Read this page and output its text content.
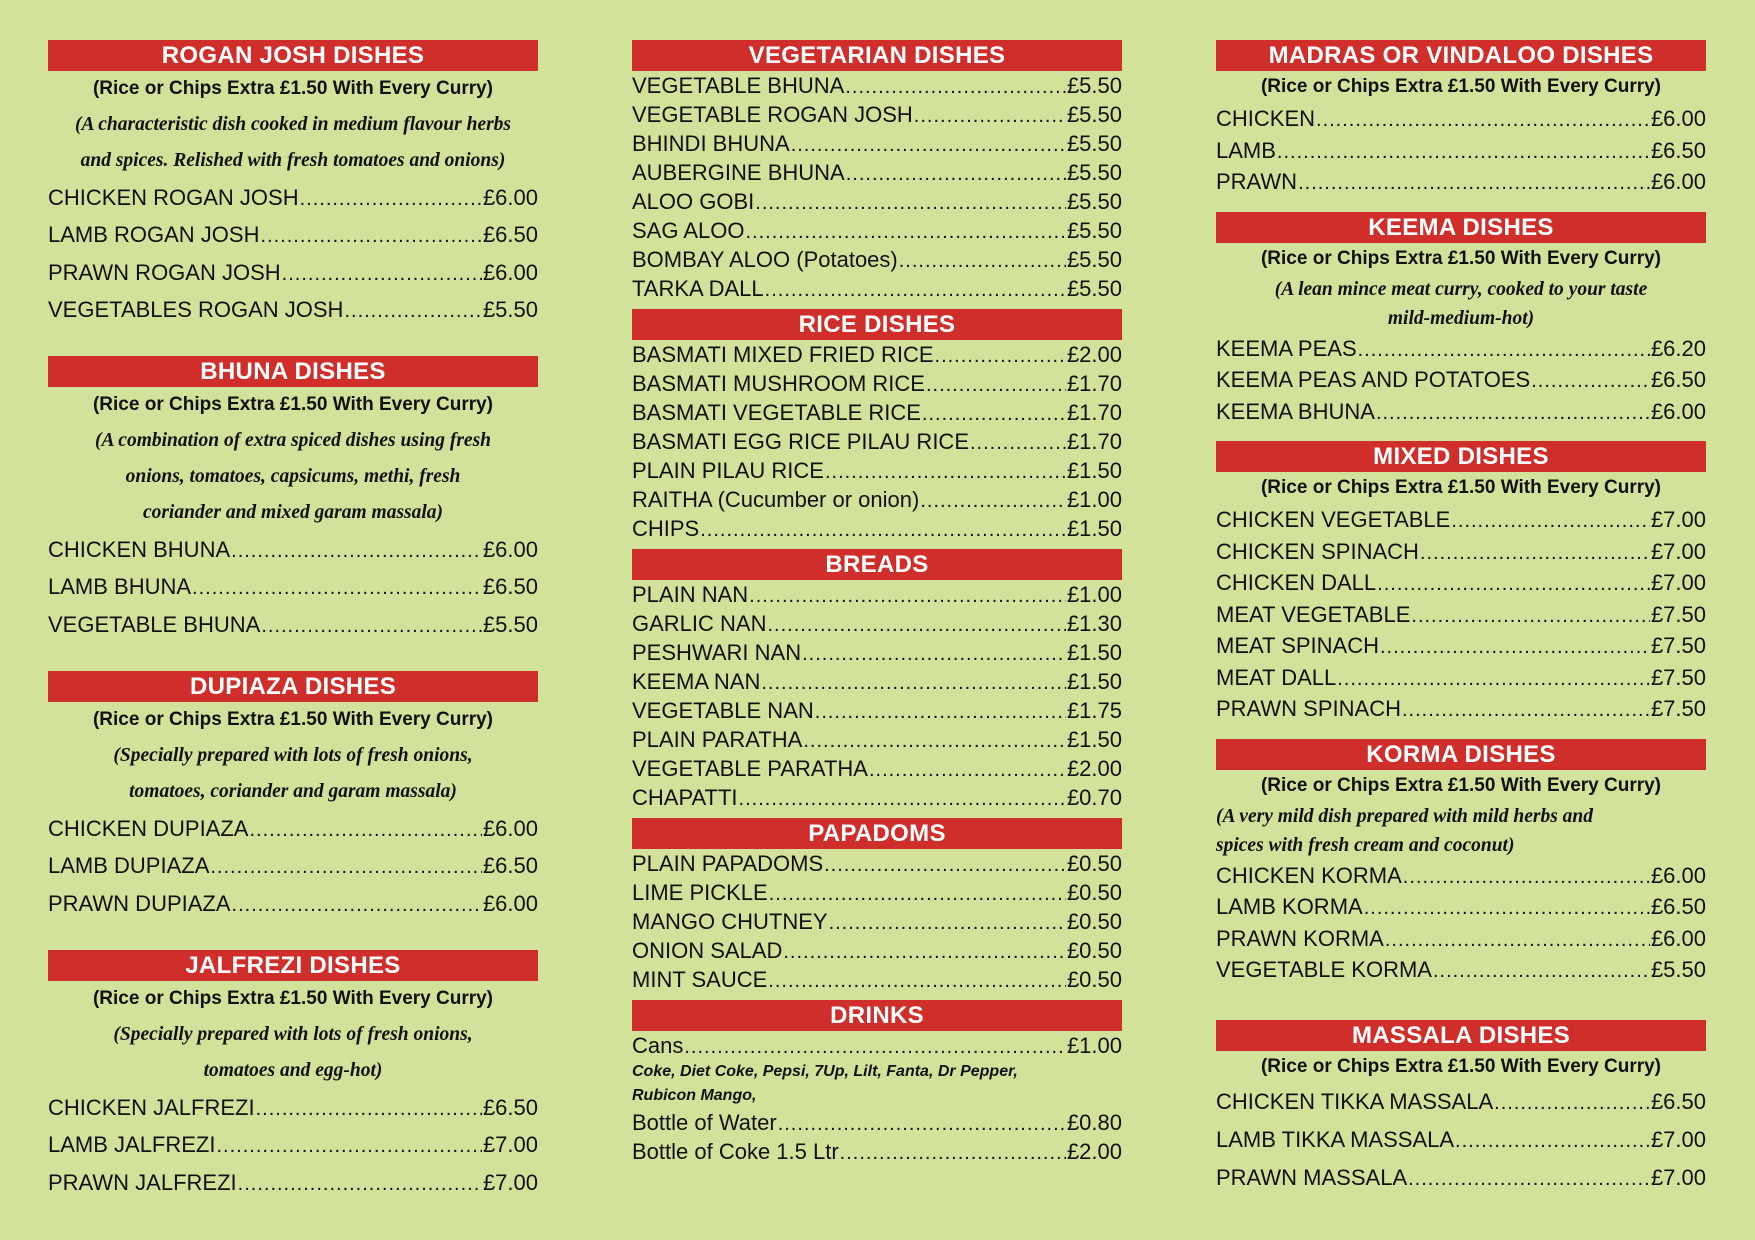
ROGAN JOSH DISHES
(Rice or Chips Extra £1.50 With Every Curry)
(A characteristic dish cooked in medium flavour herbs
and spices. Relished with fresh tomatoes and onions)
CHICKEN ROGAN JOSH .....	£6.00
LAMB ROGAN JOSH .....	£6.50
PRAWN ROGAN JOSH .....	£6.00
VEGETABLES ROGAN JOSH .....	£5.50
BHUNA DISHES
(Rice or Chips Extra £1.50 With Every Curry)
(A combination of extra spiced dishes using fresh
onions, tomatoes, capsicums, methi, fresh
coriander and mixed garam massala)
CHICKEN BHUNA .....	£6.00
LAMB BHUNA .....	£6.50
VEGETABLE BHUNA .....	£5.50
DUPIAZA DISHES
(Rice or Chips Extra £1.50 With Every Curry)
(Specially prepared with lots of fresh onions,
tomatoes, coriander and garam massala)
CHICKEN DUPIAZA .....	£6.00
LAMB DUPIAZA .....	£6.50
PRAWN DUPIAZA .....	£6.00
JALFREZI DISHES
(Rice or Chips Extra £1.50 With Every Curry)
(Specially prepared with lots of fresh onions,
tomatoes and egg-hot)
CHICKEN JALFREZI .....	£6.50
LAMB JALFREZI .....	£7.00
PRAWN JALFREZI .....	£7.00
VEGETARIAN DISHES
VEGETABLE BHUNA .....	£5.50
VEGETABLE ROGAN JOSH .....	£5.50
BHINDI BHUNA .....	£5.50
AUBERGINE BHUNA .....	£5.50
ALOO GOBI .....	£5.50
SAG ALOO .....	£5.50
BOMBAY ALOO (Potatoes) .....	£5.50
TARKA DALL .....	£5.50
RICE DISHES
BASMATI MIXED FRIED RICE .....	£2.00
BASMATI MUSHROOM RICE .....	£1.70
BASMATI VEGETABLE RICE .....	£1.70
BASMATI EGG RICE PILAU RICE .....	£1.70
PLAIN PILAU RICE .....	£1.50
RAITHA (Cucumber or onion) .....	£1.00
CHIPS .....	£1.50
BREADS
PLAIN NAN .....	£1.00
GARLIC NAN .....	£1.30
PESHWARI NAN .....	£1.50
KEEMA NAN .....	£1.50
VEGETABLE NAN .....	£1.75
PLAIN PARATHA .....	£1.50
VEGETABLE PARATHA .....	£2.00
CHAPATTI .....	£0.70
PAPADOMS
PLAIN PAPADOMS .....	£0.50
LIME PICKLE .....	£0.50
MANGO CHUTNEY .....	£0.50
ONION SALAD .....	£0.50
MINT SAUCE .....	£0.50
DRINKS
Cans .....	£1.00
Coke, Diet Coke, Pepsi, 7Up, Lilt, Fanta, Dr Pepper,
Rubicon Mango,
Bottle of Water .....	£0.80
Bottle of Coke 1.5 Ltr .....	£2.00
MADRAS OR VINDALOO DISHES
(Rice or Chips Extra £1.50 With Every Curry)
CHICKEN .....	£6.00
LAMB .....	£6.50
PRAWN .....	£6.00
KEEMA DISHES
(Rice or Chips Extra £1.50 With Every Curry)
(A lean mince meat curry, cooked to your taste
mild-medium-hot)
KEEMA PEAS .....	£6.20
KEEMA PEAS AND POTATOES .....	£6.50
KEEMA BHUNA .....	£6.00
MIXED DISHES
(Rice or Chips Extra £1.50 With Every Curry)
CHICKEN VEGETABLE .....	£7.00
CHICKEN SPINACH .....	£7.00
CHICKEN DALL .....	£7.00
MEAT VEGETABLE .....	£7.50
MEAT SPINACH .....	£7.50
MEAT DALL .....	£7.50
PRAWN SPINACH .....	£7.50
KORMA DISHES
(Rice or Chips Extra £1.50 With Every Curry)
(A very mild dish prepared with mild herbs and
spices with fresh cream and coconut)
CHICKEN KORMA .....	£6.00
LAMB KORMA .....	£6.50
PRAWN KORMA .....	£6.00
VEGETABLE KORMA .....	£5.50
MASSALA DISHES
(Rice or Chips Extra £1.50 With Every Curry)
CHICKEN TIKKA MASSALA .....	£6.50
LAMB TIKKA MASSALA .....	£7.00
PRAWN MASSALA .....	£7.00
